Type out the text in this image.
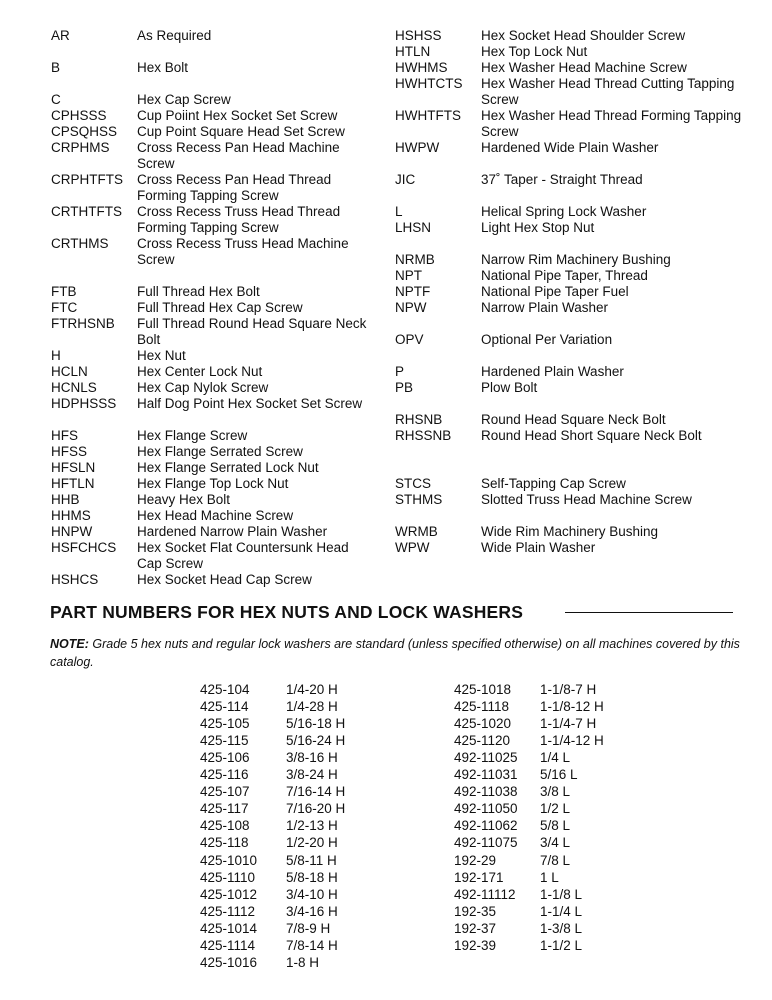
AR	As Required
B	Hex Bolt
C	Hex Cap Screw
CPHSSS Cup Poiint Hex Socket Set Screw
CPSQHSS Cup Point Square Head Set Screw
CRPHMS Cross Recess Pan Head Machine Screw
CRPHTFTS Cross Recess Pan Head Thread Forming Tapping Screw
CRTHTFTS Cross Recess Truss Head Thread Forming Tapping Screw
CRTHMS Cross Recess Truss Head Machine Screw
FTB	Full Thread Hex Bolt
FTC	Full Thread Hex Cap Screw
FTRHSNB Full Thread Round Head Square Neck Bolt
H	Hex Nut
HCLN	Hex Center Lock Nut
HCNLS	Hex Cap Nylok Screw
HDPHSSS Half Dog Point Hex Socket Set Screw
HFS	Hex Flange Screw
HFSS	Hex Flange Serrated Screw
HFSLN	Hex Flange Serrated Lock Nut
HFTLN	Hex Flange Top Lock Nut
HHB	Heavy Hex Bolt
HHMS	Hex Head Machine Screw
HNPW	Hardened Narrow Plain Washer
HSFCHCS Hex Socket Flat Countersunk Head Cap Screw
HSHCS	Hex Socket Head Cap Screw
HSHSS	Hex Socket Head Shoulder Screw
HTLN	Hex Top Lock Nut
HWHMS Hex Washer Head Machine Screw
HWHTCTS Hex Washer Head Thread Cutting Tapping Screw
HWHTFTS Hex Washer Head Thread Forming Tapping Screw
HWPW	Hardened Wide Plain Washer
JIC	37˚ Taper - Straight Thread
L	Helical Spring Lock Washer
LHSN	Light Hex Stop Nut
NRMB	Narrow Rim Machinery Bushing
NPT	National Pipe Taper, Thread
NPTF	National Pipe Taper Fuel
NPW	Narrow Plain Washer
OPV	Optional Per Variation
P	Hardened Plain Washer
PB	Plow Bolt
RHSNB	Round Head Square Neck Bolt
RHSSNB Round Head Short Square Neck Bolt
STCS	Self-Tapping Cap Screw
STHMS	Slotted Truss Head Machine Screw
WRMB	Wide Rim Machinery Bushing
WPW	Wide Plain Washer
PART NUMBERS FOR HEX NUTS AND LOCK WASHERS
NOTE: Grade 5 hex nuts and regular lock washers are standard (unless specified otherwise) on all machines covered by this catalog.
425-104	1/4-20 H
425-114	1/4-28 H
425-105	5/16-18 H
425-115	5/16-24 H
425-106	3/8-16 H
425-116	3/8-24 H
425-107	7/16-14 H
425-117	7/16-20 H
425-108	1/2-13 H
425-118	1/2-20 H
425-1010 5/8-11 H
425-1110 5/8-18 H
425-1012 3/4-10 H
425-1112 3/4-16 H
425-1014 7/8-9 H
425-1114 7/8-14 H
425-1016 1-8 H
425-1018 1-1/8-7 H
425-1118 1-1/8-12 H
425-1020 1-1/4-7 H
425-1120 1-1/4-12 H
492-11025 1/4 L
492-11031 5/16 L
492-11038 3/8 L
492-11050 1/2 L
492-11062 5/8 L
492-11075 3/4 L
192-29	7/8 L
192-171	1 L
492-11112 1-1/8 L
192-35	1-1/4 L
192-37	1-3/8 L
192-39	1-1/2 L
